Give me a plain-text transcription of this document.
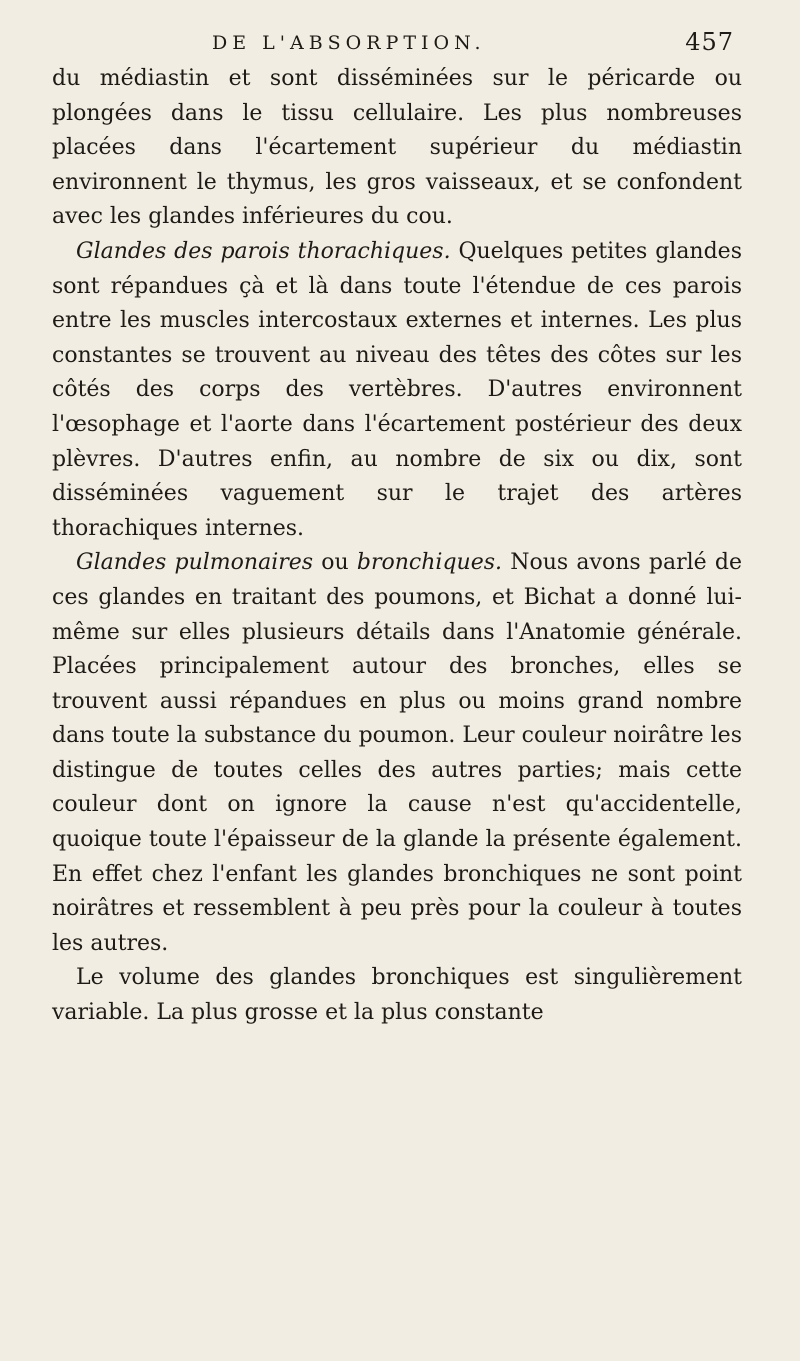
DE L'ABSORPTION.	457

du médiastin et sont disséminées sur le péricarde ou plongées dans le tissu cellulaire. Les plus nombreuses placées dans l'écartement supérieur du médiastin environnent le thymus, les gros vaisseaux, et se confondent avec les glandes inférieures du cou.

Glandes des parois thorachiques. Quelques petites glandes sont répandues çà et là dans toute l'étendue de ces parois entre les muscles intercostaux externes et internes. Les plus constantes se trouvent au niveau des têtes des côtes sur les côtés des corps des vertèbres. D'autres environnent l'œsophage et l'aorte dans l'écartement postérieur des deux plèvres. D'autres enfin, au nombre de six ou dix, sont disséminées vaguement sur le trajet des artères thorachiques internes.

Glandes pulmonaires ou bronchiques. Nous avons parlé de ces glandes en traitant des poumons, et Bichat a donné lui-même sur elles plusieurs détails dans l'Anatomie générale. Placées principalement autour des bronches, elles se trouvent aussi répandues en plus ou moins grand nombre dans toute la substance du poumon. Leur couleur noirâtre les distingue de toutes celles des autres parties; mais cette couleur dont on ignore la cause n'est qu'accidentelle, quoique toute l'épaisseur de la glande la présente également. En effet chez l'enfant les glandes bronchiques ne sont point noirâtres et ressemblent à peu près pour la couleur à toutes les autres.

Le volume des glandes bronchiques est singulièrement variable. La plus grosse et la plus constante
